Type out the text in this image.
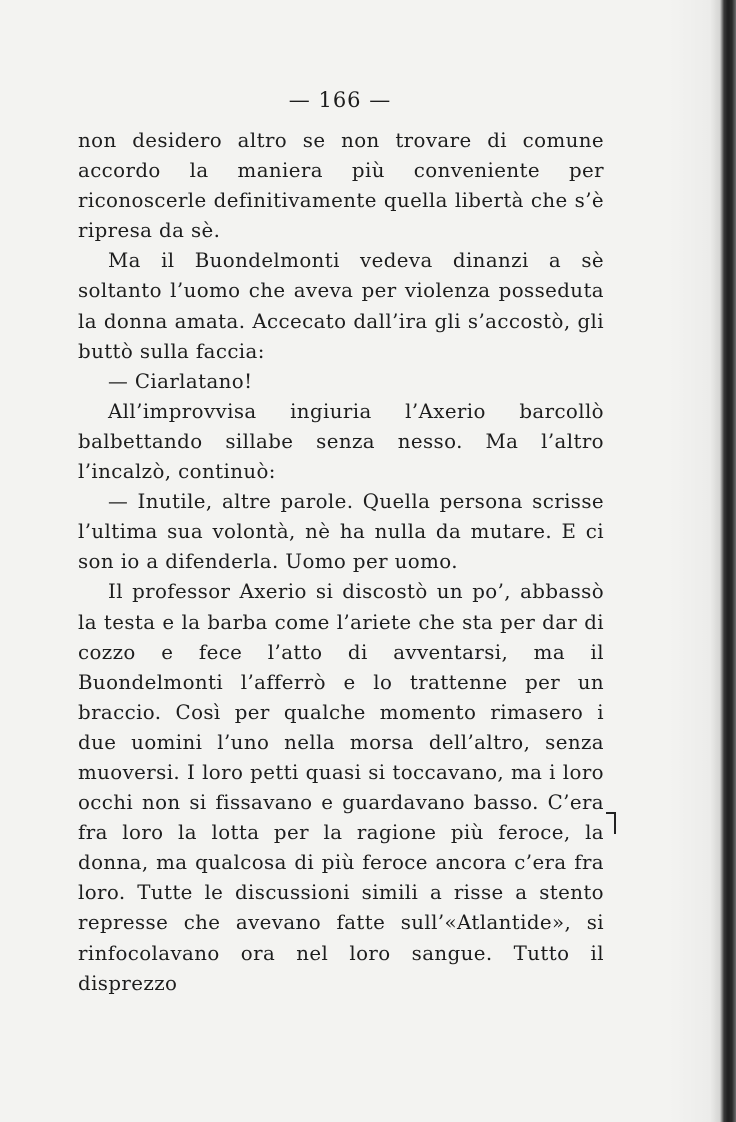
— 166 —

non desidero altro se non trovare di comune accordo la maniera più conveniente per riconoscerle definitivamente quella libertà che s’è ripresa da sè.

Ma il Buondelmonti vedeva dinanzi a sè soltanto l’uomo che aveva per violenza posseduta la donna amata. Accecato dall’ira gli s’accostò, gli buttò sulla faccia:

— Ciarlatano!

All’improvvisa ingiuria l’Axerio barcollò balbettando sillabe senza nesso. Ma l’altro l’incalzò, continuò:

— Inutile, altre parole. Quella persona scrisse l’ultima sua volontà, nè ha nulla da mutare. E ci son io a difenderla. Uomo per uomo.

Il professor Axerio si discostò un po’, abbassò la testa e la barba come l’ariete che sta per dar di cozzo e fece l’atto di avventarsi, ma il Buondelmonti l’afferrò e lo trattenne per un braccio. Così per qualche momento rimasero i due uomini l’uno nella morsa dell’altro, senza muoversi. I loro petti quasi si toccavano, ma i loro occhi non si fissavano e guardavano basso. C’era fra loro la lotta per la ragione più feroce, la donna, ma qualcosa di più feroce ancora c’era fra loro. Tutte le discussioni simili a risse a stento represse che avevano fatte sull’«Atlantide», si rinfocolavano ora nel loro sangue. Tutto il disprezzo
